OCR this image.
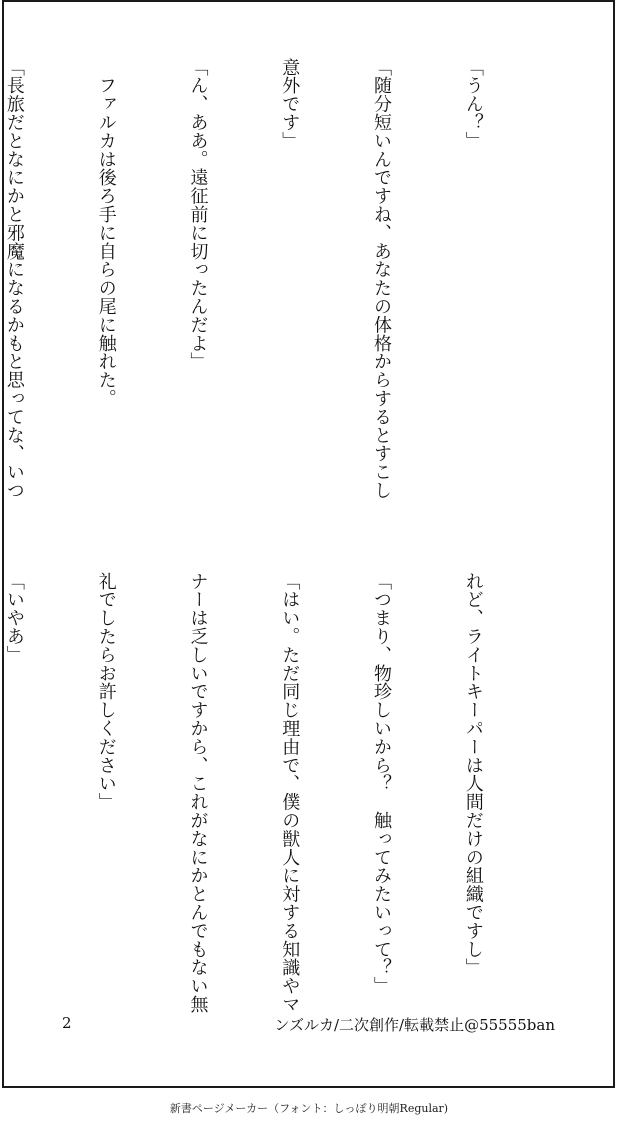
「うん？」

「随分短いんですね、あなたの体格からするとすこし

意外です」

「ん、ああ。遠征前に切ったんだよ」

　ファルカは後ろ手に自らの尾に触れた。

「長旅だとなにかと邪魔になるかもと思ってな、いつ

れど、ライトキーパーは人間だけの組織ですし」

「つまり、物珍しいから？　触ってみたいって？」

「はい。ただ同じ理由で、僕の獣人に対する知識やマ

ナーは乏しいですから、これがなにかとんでもない無

礼でしたらお許しください」

「いやあ」

2	ンズルカ/二次創作/転載禁止@55555ban
新書ページメーカー（フォント：しっぽり明朝Regular)
